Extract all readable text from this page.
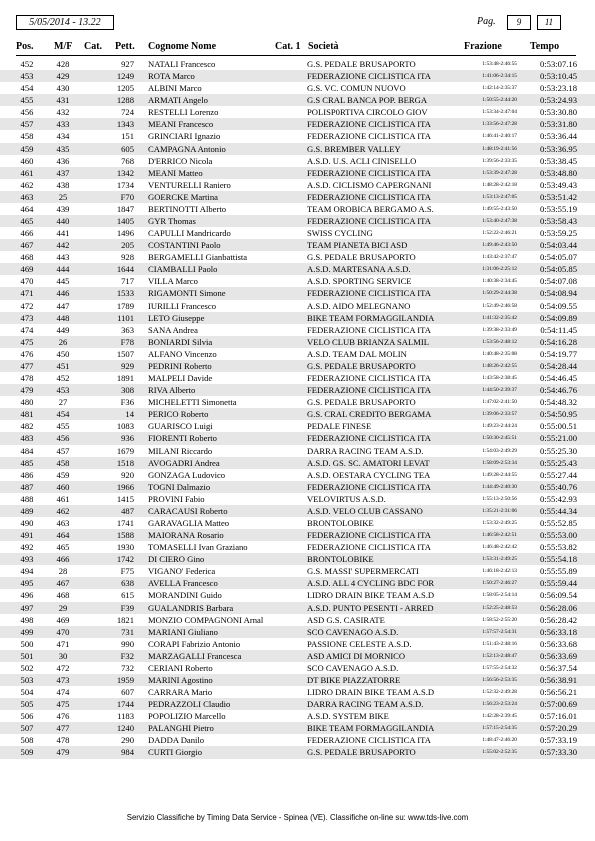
5/05/2014 - 13.22	Pag.	9	11
Pos. M/F Cat. Pett. Cognome Nome	Cat. 1 Società	Frazione	Tempo
452	428	927 NATALI Francesco	G.S. PEDALE BRUSAPORTO	1:53:48-2:46:55	0:53:07.16
453	429	1249 ROTA Marco	FEDERAZIONE CICLISTICA ITA	1:41:06-2:34:15	0:53:10.45
454	430	1205 ALBINI Marco	G.S. VC. COMUN NUOVO	1:42:14-2:35:37	0:53:23.18
455	431	1288 ARMATI Angelo	G.S CRAL BANCA POP. BERGA	1:50:55-2:44:20	0:53:24.93
456	432	724 RESTELLI Lorenzo	POLISP0RTIVA CIRCOLO GIOV	1:53:34-2:47:04	0:53:30.80
457	433	1343 MEANI Francesco	FEDERAZIONE CICLISTICA ITA	1:33:56-2:47:28	0:53:31.80
458	434	151 GRINCIARI Ignazio	FEDERAZIONE CICLISTICA ITA	1:46:41-2:40:17	0:53:36.44
459	435	605 CAMPAGNA Antonio	G.S. BREMBER VALLEY	1:48:19-2:41:56	0:53:36.95
460	436	768 D'ERRICO Nicola	A.S.D. U.S. ACLI CINISELLO	1:39:56-2:33:35	0:53:38.45
461	437	1342 MEANI Matteo	FEDERAZIONE CICLISTICA ITA	1:53:39-2:47:28	0:53:48.80
462	438	1734 VENTURELLI Raniero	A.S.D. CICLISMO CAPERGNANI	1:48:28-2:42:18	0:53:49.43
463	25	F70 GOERCKE Martina	FEDERAZIONE CICLISTICA ITA	1:53:13-2:47:05	0:53:51.42
464	439	1847 BERTINOTTI Alberto	TEAM OROBICA BERGAMO A.S.	1:49:55-2:43:50	0:53:55.19
465	440	1405 GYR Thomas	FEDERAZIONE CICLISTICA ITA	1:53:40-2:47:38	0:53:58.43
466	441	1496 CAPULLI Mandricardo	SWISS CYCLING	1:52:22-2:46:21	0:53:59.25
467	442	205 COSTANTINI Paolo	TEAM PIANETA BICI ASD	1:49:46-2:43:50	0:54:03.44
468	443	928 BERGAMELLI Gianbattista	G.S. PEDALE BRUSAPORTO	1:43:42-2:37:47	0:54:05.07
469	444	1644 CIAMBALLI Paolo	A.S.D. MARTESANA A.S.D.	1:31:06-2:25:12	0:54:05.85
470	445	717 VILLA Marco	A.S.D. SPORTING SERVICE	1:40:38-2:34:45	0:54:07.08
471	446	1533 RIGAMONTI Simone	FEDERAZIONE CICLISTICA ITA	1:50:29-2:44:38	0:54:08.94
472	447	1789 IURILLI Francesco	A.S.D. AIDO MELEGNANO	1:52:49-2:46:58	0:54:09.55
473	448	1101 LETO Giuseppe	BIKE TEAM FORMAGGILANDIA	1:41:32-2:35:42	0:54:09.89
474	449	363 SANA Andrea	FEDERAZIONE CICLISTICA ITA	1:39:38-2:33:49	0:54:11.45
475	26	F78 BONIARDI Silvia	VELO CLUB BRIANZA SALMIL	1:53:56-2:48:12	0:54:16.28
476	450	1507 ALFANO Vincenzo	A.S.D. TEAM DAL MOLIN	1:40:48-2:35:08	0:54:19.77
477	451	929 PEDRINI Roberto	G.S. PEDALE BRUSAPORTO	1:48:26-2:42:55	0:54:28.44
478	452	1891 MALPELI Davide	FEDERAZIONE CICLISTICA ITA	1:43:58-2:38:45	0:54:46.45
479	453	308 RIVA Alberto	FEDERAZIONE CICLISTICA ITA	1:44:50-2:39:37	0:54:46.76
480	27	F36 MICHELETTI Simonetta	G.S. PEDALE BRUSAPORTO	1:47:02-2:41:50	0:54:48.32
481	454	14 PERICO Roberto	G.S. CRAL CREDITO BERGAMA	1:39:06-2:33:57	0:54:50.95
482	455	1083 GUARISCO Luigi	PEDALE FINESE	1:49:23-2:44:24	0:55:00.51
483	456	936 FIORENTI Roberto	FEDERAZIONE CICLISTICA ITA	1:50:30-2:45:51	0:55:21.00
484	457	1679 MILANI Riccardo	DARRA RACING TEAM A.S.D.	1:54:03-2:49:29	0:55:25.30
485	458	1518 AVOGADRI Andrea	A.S.D. GS. SC. AMATORI LEVAT	1:58:09-2:53:34	0:55:25.43
486	459	920 GONZAGA Ludovico	A.S.D. OESTARA CYCLING TEA	1:49:28-2:44:55	0:55:27.44
487	460	1966 TOGNI Dalmazio	FEDERAZIONE CICLISTICA ITA	1:44:49-2:40:30	0:55:40.76
488	461	1415 PROVINI Fabio	VELOVIRTUS A.S.D.	1:55:13-2:50:56	0:55:42.93
489	462	487 CARACAUSI Roberto	A.S.D. VELO CLUB CASSANO	1:35:21-2:31:06	0:55:44.34
490	463	1741 GARAVAGLIA Matteo	BRONTOLOBIKE	1:53:32-2:49:25	0:55:52.85
491	464	1588 MAIORANA Rosario	FEDERAZIONE CICLISTICA ITA	1:46:58-2:42:51	0:55:53.00
492	465	1930 TOMASELLI Ivan Graziano	FEDERAZIONE CICLISTICA ITA	1:46:48-2:42:42	0:55:53.82
493	466	1742 DI CIERO Gino	BRONTOLOBIKE	1:53:31-2:49:25	0:55:54.18
494	28	F75 VIGANO' Federica	G.S. MASSI' SUPERMERCATI	1:46:18-2:42:13	0:55:55.89
495	467	638 AVELLA Francesco	A.S.D. ALL 4 CYCLING BDC FOR	1:50:27-2:46:27	0:55:59.44
496	468	615 MORANDINI Guido	I.IDRO DRAIN BIKE TEAM A.S.D	1:58:05-2:54:14	0:56:09.54
497	29	F39 GUALANDRIS Barbara	A.S.D. PUNTO PESENTI - ARRED	1:52:25-2:48:53	0:56:28.06
498	469	1821 MONZIO COMPAGNONI Arnal	ASD G.S. CASIRATE	1:58:52-2:55:20	0:56:28.42
499	470	731 MARIANI Giuliano	SCO CAVENAGO A.S.D.	1:57:57-2:54:31	0:56:33.18
500	471	990 CORAPI Fabrizio Antonio	PASSIONE CELESTE A.S.D.	1:51:43-2:48:16	0:56:33.68
501	30	F32 MARZAGALLI Francesca	ASD AMICI DI MORNICO	1:52:13-2:48:47	0:56:33.69
502	472	732 CERIANI Roberto	SCO CAVENAGO A.S.D.	1:57:55-2:54:32	0:56:37.54
503	473	1959 MARINI Agostino	DT BIKE PIAZZATORRE	1:56:56-2:53:35	0:56:38.91
504	474	607 CARRARA Mario	I.IDRO DRAIN BIKE TEAM A.S.D	1:52:32-2:49:28	0:56:56.21
505	475	1744 PEDRAZZOLI Claudio	DARRA RACING TEAM A.S.D.	1:56:23-2:53:24	0:57:00.69
506	476	1183 POPOLIZIO Marcello	A.S.D. SYSTEM BIKE	1:42:28-2:39:45	0:57:16.01
507	477	1240 PALANGHI Pietro	BIKE TEAM FORMAGGILANDIA	1:57:15-2:54:35	0:57:20.29
508	478	290 DADDA Danilo	FEDERAZIONE CICLISTICA ITA	1:48:47-2:46:20	0:57:33.19
509	479	984 CURTI Giorgio	G.S. PEDALE BRUSAPORTO	1:55:02-2:52:35	0:57:33.30
Servizio Classifiche by Timing Data Service - Spinea (VE). Classifiche on-line su: www.tds-live.com
